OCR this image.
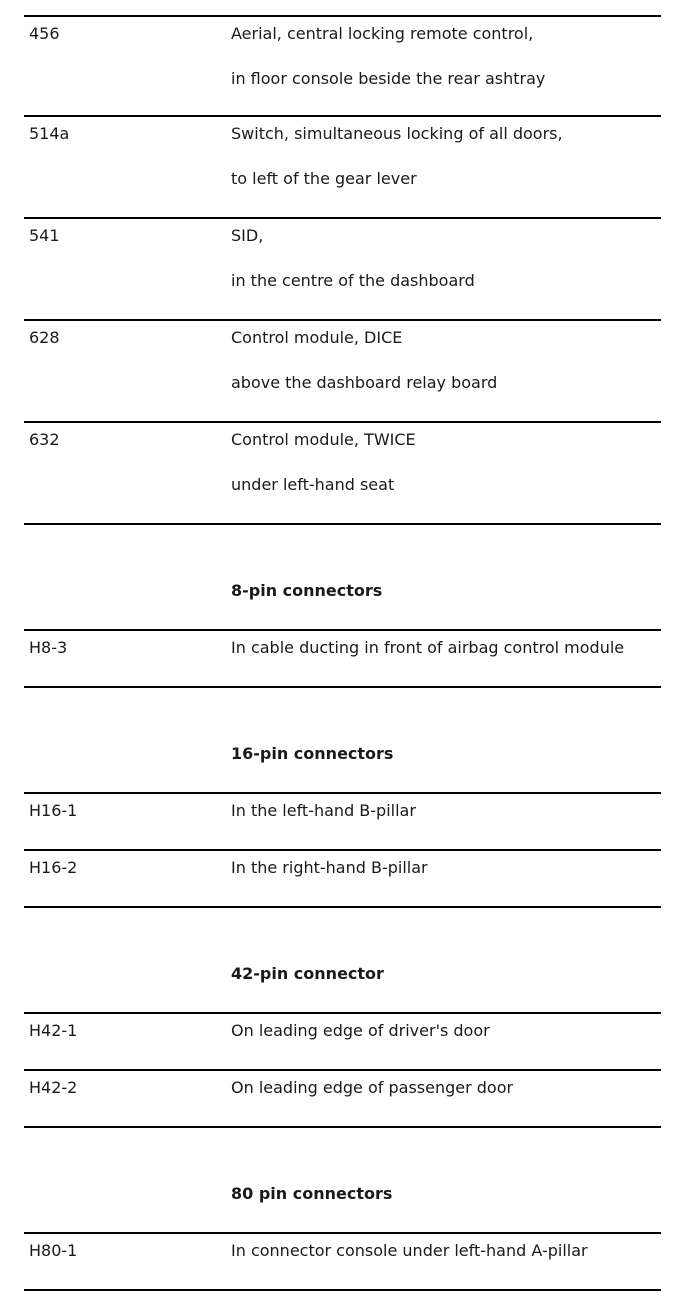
456	Aerial, central locking remote control,
in floor console beside the rear ashtray
514a	Switch, simultaneous locking of all doors,
to left of the gear lever
541	SID,
in the centre of the dashboard
628	Control module, DICE
above the dashboard relay board
632	Control module, TWICE
under left-hand seat
8-pin connectors
H8-3	In cable ducting in front of airbag control module
16-pin connectors
H16-1	In the left-hand B-pillar
H16-2	In the right-hand B-pillar
42-pin connector
H42-1	On leading edge of driver's door
H42-2	On leading edge of passenger door
80 pin connectors
H80-1	In connector console under left-hand A-pillar
